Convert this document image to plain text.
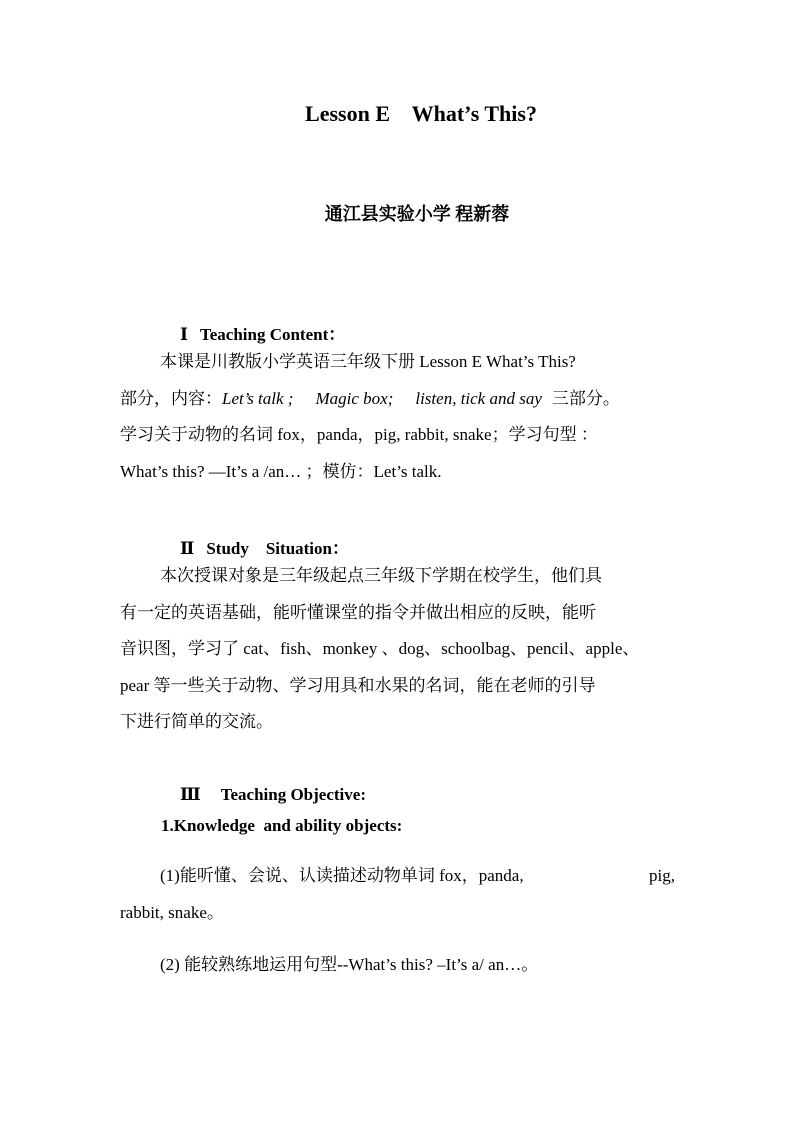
Lesson E    What’s This?
通江县实验小学 程新蓉

Ⅰ Teaching Content：

本课是川教版小学英语三年级下册 Lesson E What’s This?
部分，内容：Let’s talk ; Magic box; listen, tick and say 三部分。
学习关于动物的名词 fox，panda，pig, rabbit, snake；学习句型 ：
What’s this? —It’s a /an… ；模仿：Let’s talk.

Ⅱ Study    Situation：

本次授课对象是三年级起点三年级下学期在校学生，他们具
有一定的英语基础，能听懂课堂的指令并做出相应的反映，能听
音识图，学习了 cat、fish、monkey 、dog、schoolbag、pencil、apple、
pear 等一些关于动物、学习用具和水果的名词，能在老师的引导
下进行简单的交流。

Ⅲ Teaching Objective:

1.Knowledge  and ability objects:
(1)能听懂、会说、认读描述动物单词 fox，panda,	pig,
rabbit, snake。
(2) 能较熟练地运用句型--What’s this? –It’s a/ an…。
